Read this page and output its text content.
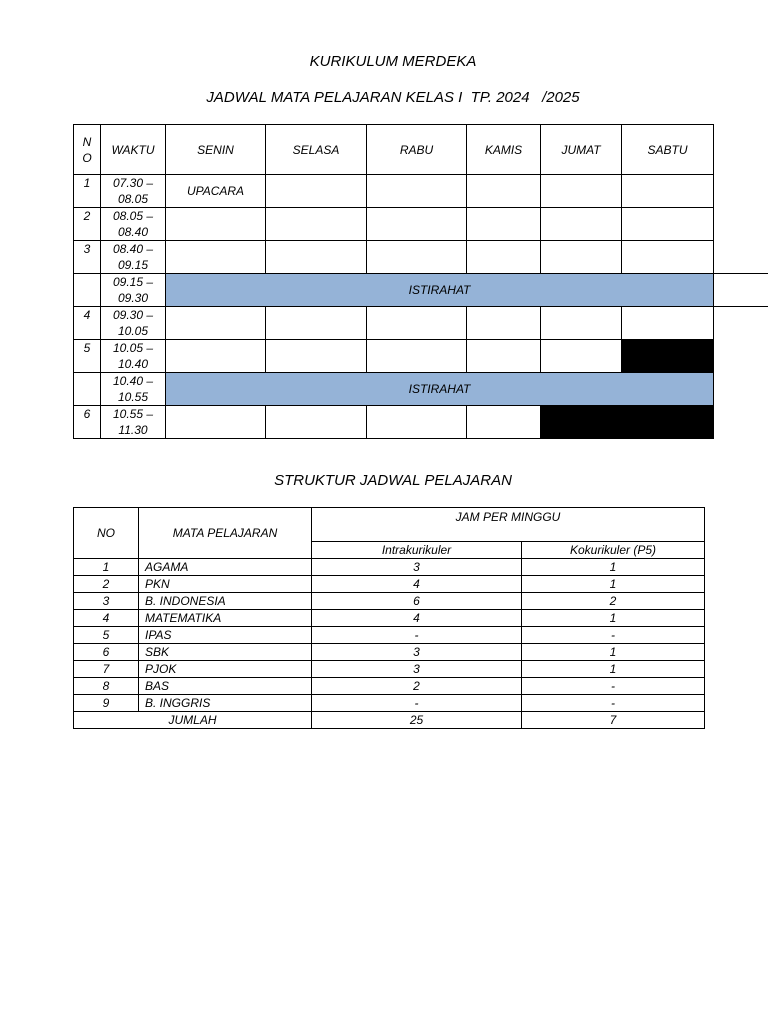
KURIKULUM MERDEKA
JADWAL MATA PELAJARAN KELAS I  TP. 2024   /2025
NO	WAKTU	SENIN	SELASA	RABU	KAMIS	JUMAT	SABTU
1	07.30 – 08.05	UPACARA					
2	08.05 – 08.40						
3	08.40 – 09.15						
	09.15 – 09.30	ISTIRAHAT					
4	09.30 – 10.05						
5	10.05 – 10.40						
	10.40 – 10.55	ISTIRAHAT					
6	10.55 – 11.30						
STRUKTUR JADWAL PELAJARAN
NO	MATA PELAJARAN	JAM PER MINGGU	
		Intrakurikuler	Kokurikuler (P5)
1	AGAMA	3	1
2	PKN	4	1
3	B. INDONESIA	6	2
4	MATEMATIKA	4	1
5	IPAS	-	-
6	SBK	3	1
7	PJOK	3	1
8	BAS	2	-
9	B. INGGRIS	-	-
JUMLAH		25	7
